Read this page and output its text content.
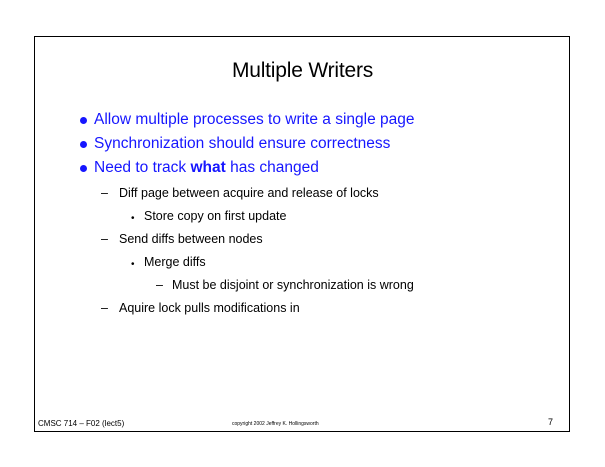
Multiple Writers
Allow multiple processes to write a single page
Synchronization should ensure correctness
Need to track what has changed
– Diff page between acquire and release of locks
• Store copy on first update
– Send diffs between nodes
• Merge diffs
– Must be disjoint or synchronization is wrong
– Aquire lock pulls modifications in
CMSC 714 – F02 (lect5)	copyright 2002 Jeffrey K. Hollingsworth	7
